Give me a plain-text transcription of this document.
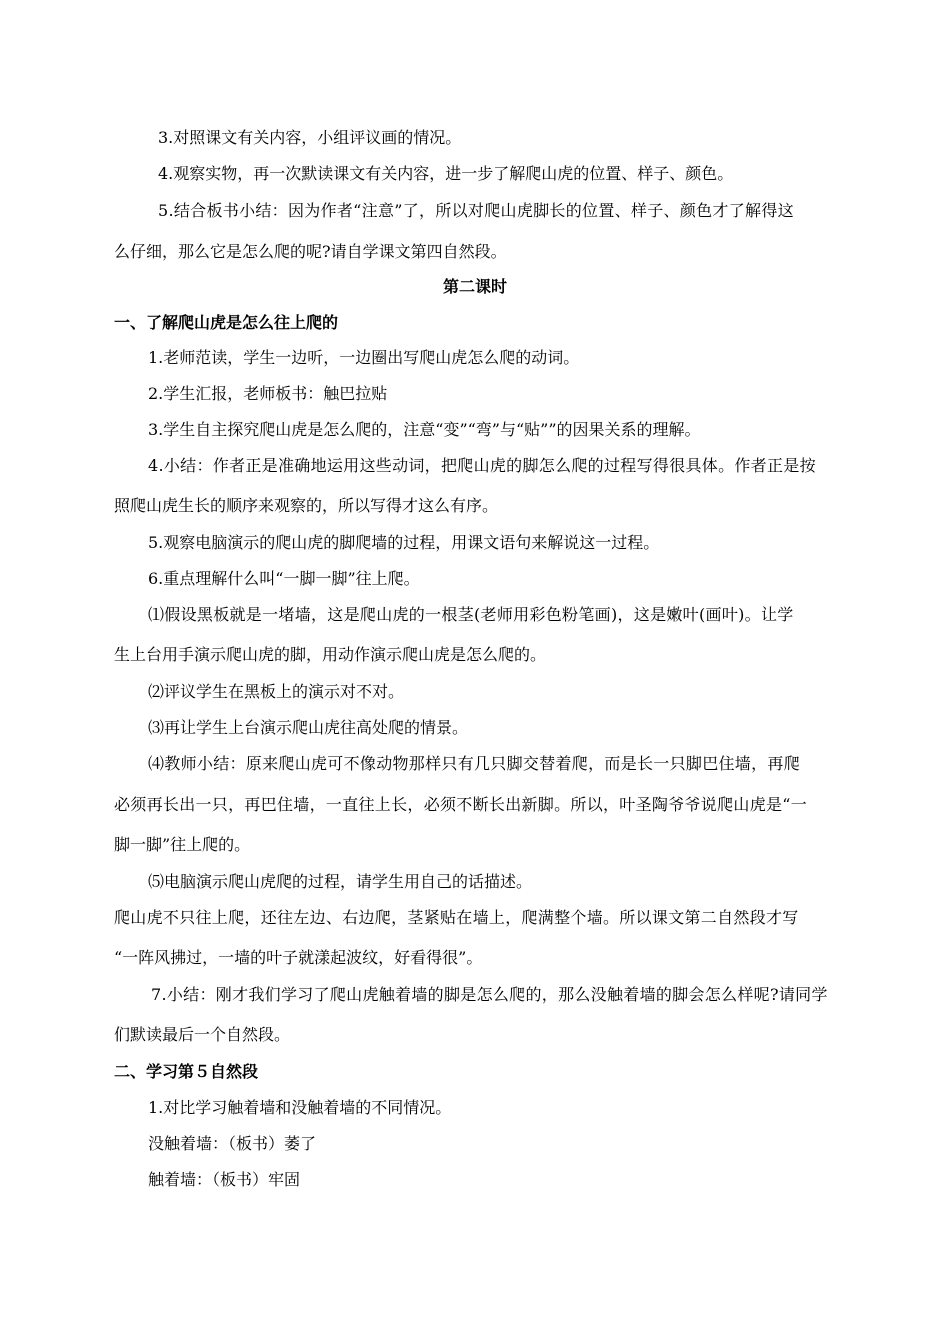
3.对照课文有关内容，小组评议画的情况。
4.观察实物，再一次默读课文有关内容，进一步了解爬山虎的位置、样子、颜色。
5.结合板书小结：因为作者“注意”了，所以对爬山虎脚长的位置、样子、颜色才了解得这
么仔细，那么它是怎么爬的呢?请自学课文第四自然段。
第二课时
一、了解爬山虎是怎么往上爬的
1.老师范读，学生一边听，一边圈出写爬山虎怎么爬的动词。
2.学生汇报，老师板书：触巴拉贴
3.学生自主探究爬山虎是怎么爬的，注意“变”“弯”与“贴””的因果关系的理解。
4.小结：作者正是准确地运用这些动词，把爬山虎的脚怎么爬的过程写得很具体。作者正是按
照爬山虎生长的顺序来观察的，所以写得才这么有序。
5.观察电脑演示的爬山虎的脚爬墙的过程，用课文语句来解说这一过程。
6.重点理解什么叫“一脚一脚”往上爬。
⑴假设黑板就是一堵墙，这是爬山虎的一根茎(老师用彩色粉笔画)，这是嫩叶(画叶)。让学
生上台用手演示爬山虎的脚，用动作演示爬山虎是怎么爬的。
⑵评议学生在黑板上的演示对不对。
⑶再让学生上台演示爬山虎往高处爬的情景。
⑷教师小结：原来爬山虎可不像动物那样只有几只脚交替着爬，而是长一只脚巴住墙，再爬
必须再长出一只，再巴住墙，一直往上长，必须不断长出新脚。所以，叶圣陶爷爷说爬山虎是“一
脚一脚”往上爬的。
⑸电脑演示爬山虎爬的过程，请学生用自己的话描述。
爬山虎不只往上爬，还往左边、右边爬，茎紧贴在墙上，爬满整个墙。所以课文第二自然段才写
“一阵风拂过，一墙的叶子就漾起波纹，好看得很”。
7.小结：刚才我们学习了爬山虎触着墙的脚是怎么爬的，那么没触着墙的脚会怎么样呢?请同学
们默读最后一个自然段。
二、学习第５自然段
1.对比学习触着墙和没触着墙的不同情况。
没触着墙：（板书）萎了
触着墙：（板书）牢固
